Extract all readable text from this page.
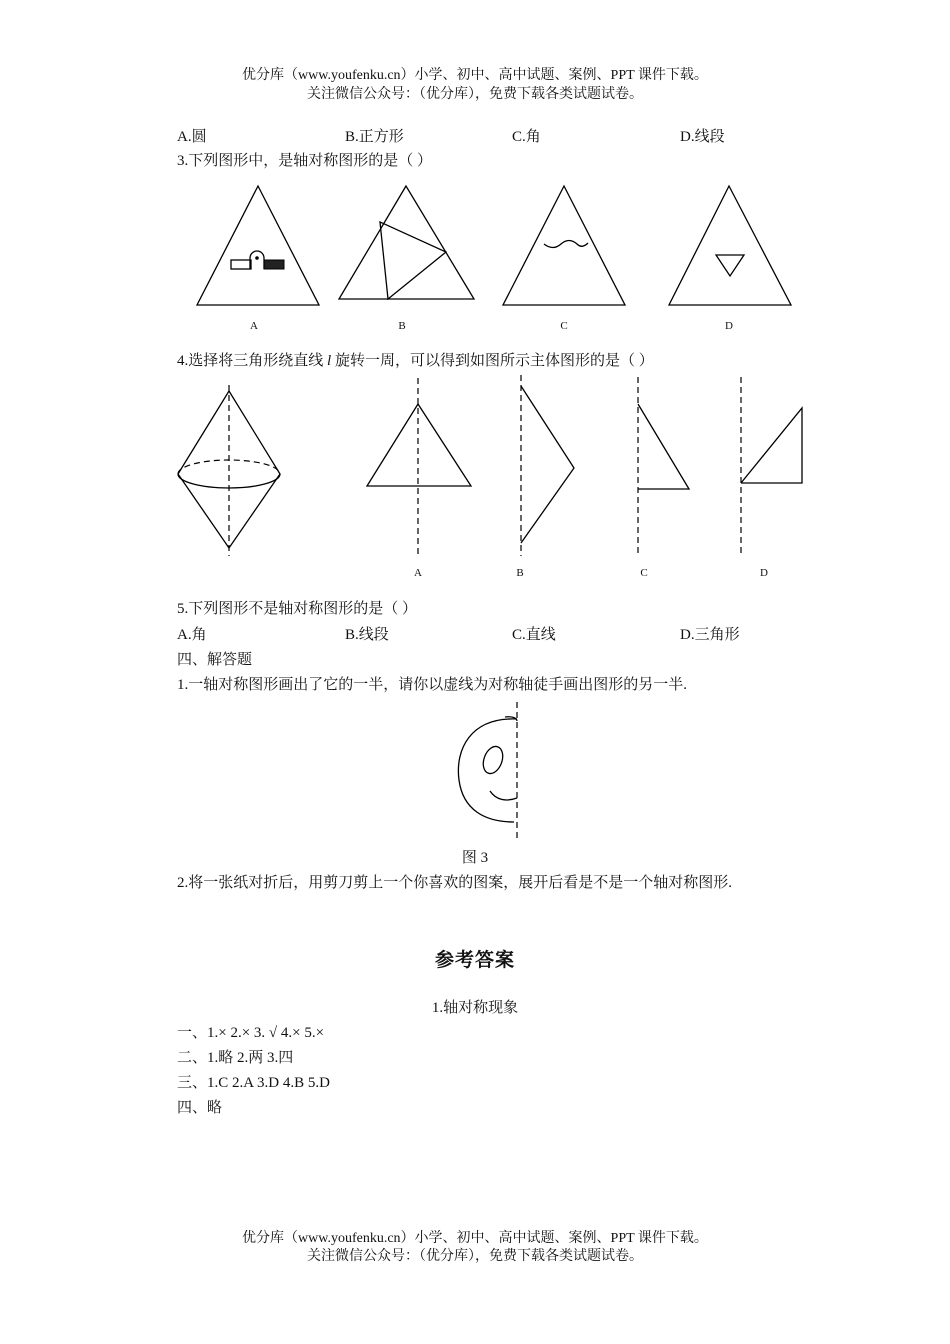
优分库（www.youfenku.cn）小学、初中、高中试题、案例、PPT 课件下载。
关注微信公众号：（优分库），免费下载各类试题试卷。
A.圆	B.正方形	C.角	D.线段
3.下列图形中，是轴对称图形的是（ ）
A	B	C	D
4.选择将三角形绕直线 l 旋转一周，可以得到如图所示主体图形的是（ ）
A	B	C	D
5.下列图形不是轴对称图形的是（ ）
A.角	B.线段	C.直线	D.三角形
四、解答题
1.一轴对称图形画出了它的一半，请你以虚线为对称轴徒手画出图形的另一半.
图 3
2.将一张纸对折后，用剪刀剪上一个你喜欢的图案，展开后看是不是一个轴对称图形.
参考答案
1.轴对称现象
一、1.× 2.× 3. √ 4.× 5.×
二、1.略 2.两 3.四
三、1.C 2.A 3.D 4.B 5.D
四、略
优分库（www.youfenku.cn）小学、初中、高中试题、案例、PPT 课件下载。
关注微信公众号：（优分库），免费下载各类试题试卷。
